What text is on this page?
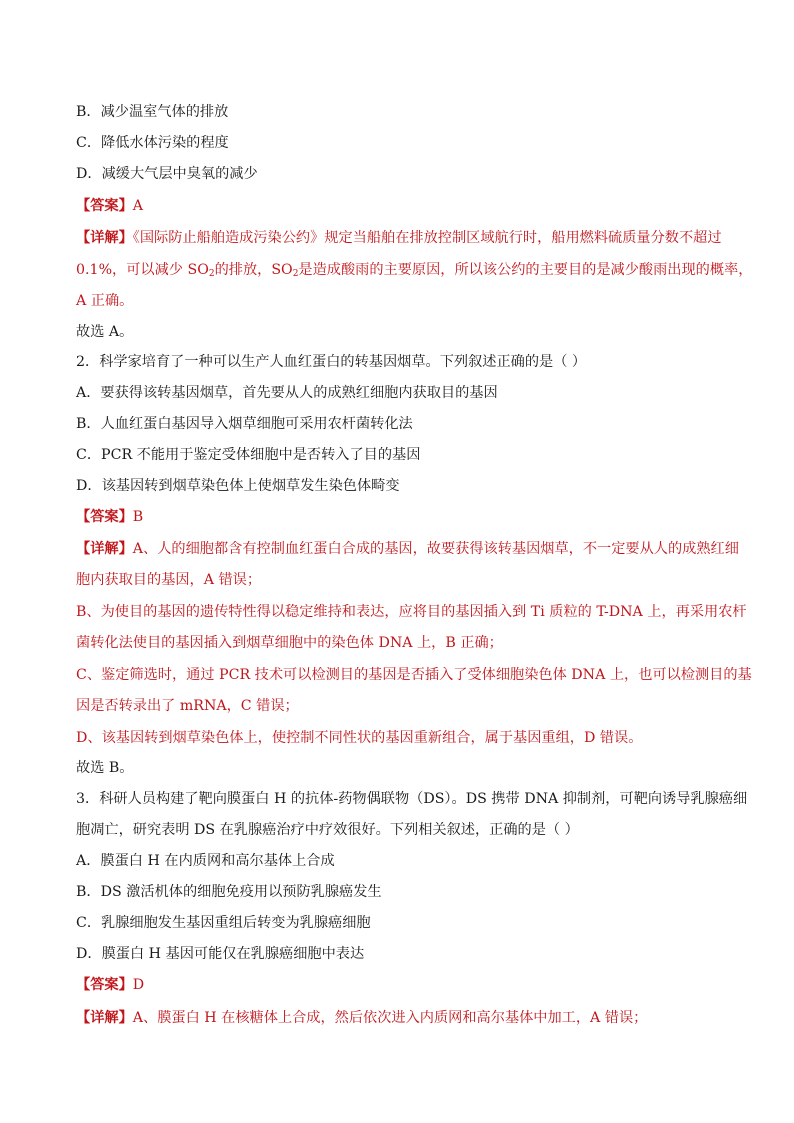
B．减少温室气体的排放
C．降低水体污染的程度
D．减缓大气层中臭氧的减少
【答案】A
【详解】《国际防止船舶造成污染公约》规定当船舶在排放控制区域航行时，船用燃料硫质量分数不超过
0.1%，可以减少 $SO_2$的排放，$SO_2$是造成酸雨的主要原因，所以该公约的主要目的是减少酸雨出现的概率，
A 正确。
故选 A。
2．科学家培育了一种可以生产人血红蛋白的转基因烟草。下列叙述正确的是（ ）
A．要获得该转基因烟草，首先要从人的成熟红细胞内获取目的基因
B．人血红蛋白基因导入烟草细胞可采用农杆菌转化法
C．PCR 不能用于鉴定受体细胞中是否转入了目的基因
D．该基因转到烟草染色体上使烟草发生染色体畸变
【答案】B
【详解】A、人的细胞都含有控制血红蛋白合成的基因，故要获得该转基因烟草，不一定要从人的成熟红细
胞内获取目的基因，A 错误；
B、为使目的基因的遗传特性得以稳定维持和表达，应将目的基因插入到 Ti 质粒的 T-DNA 上，再采用农杆
菌转化法使目的基因插入到烟草细胞中的染色体 DNA 上，B 正确；
C、鉴定筛选时，通过 PCR 技术可以检测目的基因是否插入了受体细胞染色体 DNA 上，也可以检测目的基
因是否转录出了 mRNA，C 错误；
D、该基因转到烟草染色体上，使控制不同性状的基因重新组合，属于基因重组，D 错误。
故选 B。
3．科研人员构建了靶向膜蛋白 H 的抗体-药物偶联物（DS）。DS 携带 DNA 抑制剂，可靶向诱导乳腺癌细
胞凋亡，研究表明 DS 在乳腺癌治疗中疗效很好。下列相关叙述，正确的是（ ）
A．膜蛋白 H 在内质网和高尔基体上合成
B．DS 激活机体的细胞免疫用以预防乳腺癌发生
C．乳腺细胞发生基因重组后转变为乳腺癌细胞
D．膜蛋白 H 基因可能仅在乳腺癌细胞中表达
【答案】D
【详解】A、膜蛋白 H 在核糖体上合成，然后依次进入内质网和高尔基体中加工，A 错误；
